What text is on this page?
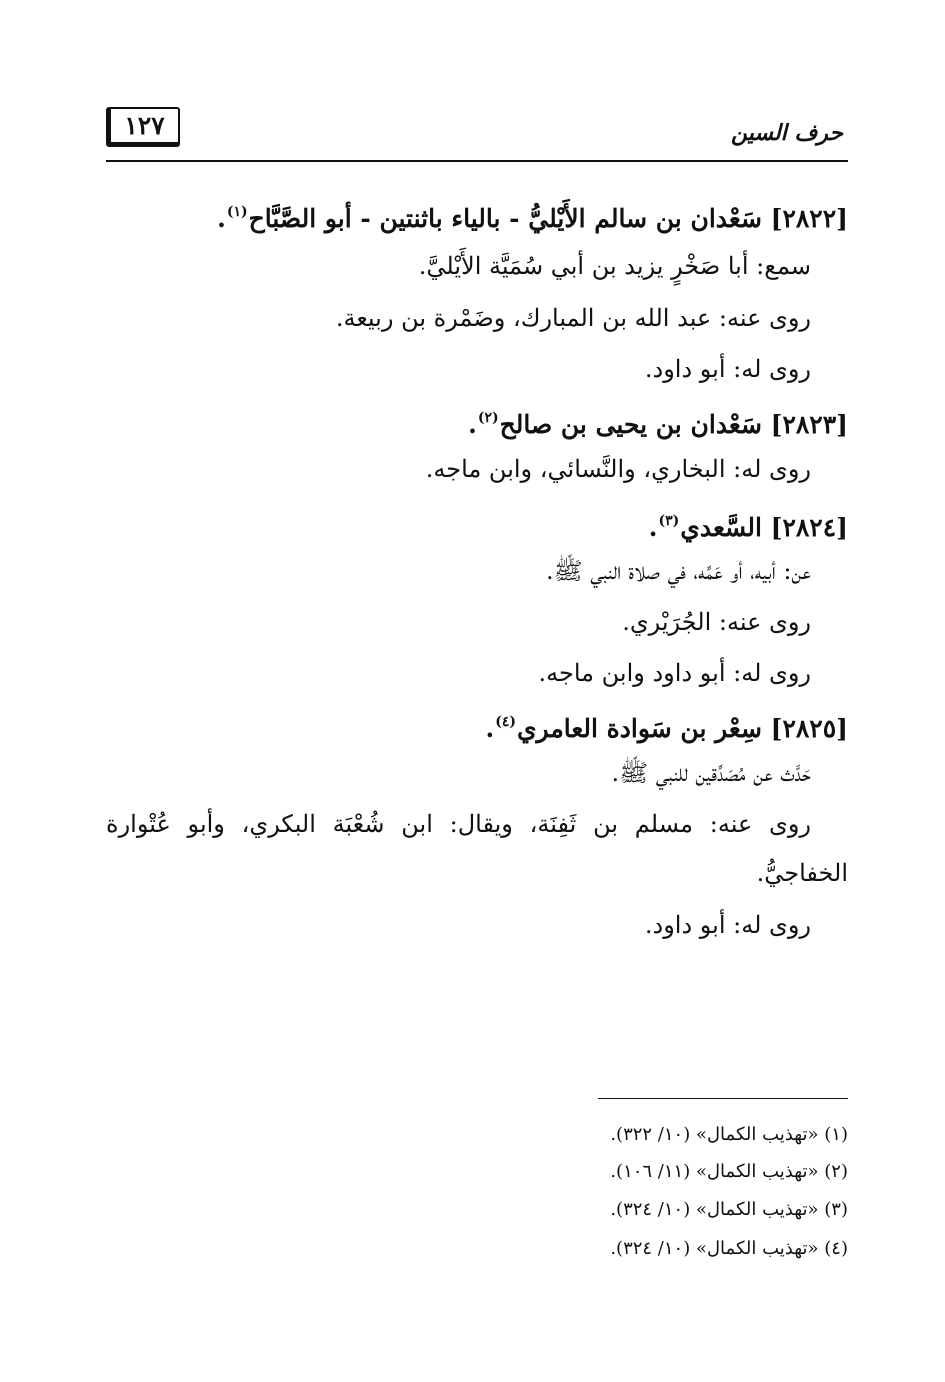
١٢٧	حرف السين
[٢٨٢٢] سَعْدان بن سالم الأَيْليُّ - بالياء باثنتين - أبو الصَّبَّاح$^{(١)}$.
سمع: أبا صَخْرٍ يزيد بن أبي سُمَيَّة الأَيْليَّ.
روى عنه: عبد الله بن المبارك، وضَمْرة بن ربيعة.
روى له: أبو داود.
[٢٨٢٣] سَعْدان بن يحيى بن صالح$^{(٢)}$.
روى له: البخاري، والنَّسائي، وابن ماجه.
[٢٨٢٤] السَّعدي$^{(٣)}$.
عن: أبيه، أو عَمِّه، في صلاة النبي ﷺ.
روى عنه: الجُرَيْري.
روى له: أبو داود وابن ماجه.
[٢٨٢٥] سِعْر بن سَوادة العامري$^{(٤)}$.
حَدَّث عن مُصَدِّقين للنبي ﷺ.
روى عنه: مسلم بن ثَفِنَة، ويقال: ابن شُعْبَة البكري، وأبو عُتْوارة
الخفاجيُّ.
روى له: أبو داود.
(١) «تهذيب الكمال» (١٠/ ٣٢٢).
(٢) «تهذيب الكمال» (١١/ ١٠٦).
(٣) «تهذيب الكمال» (١٠/ ٣٢٤).
(٤) «تهذيب الكمال» (١٠/ ٣٢٤).
